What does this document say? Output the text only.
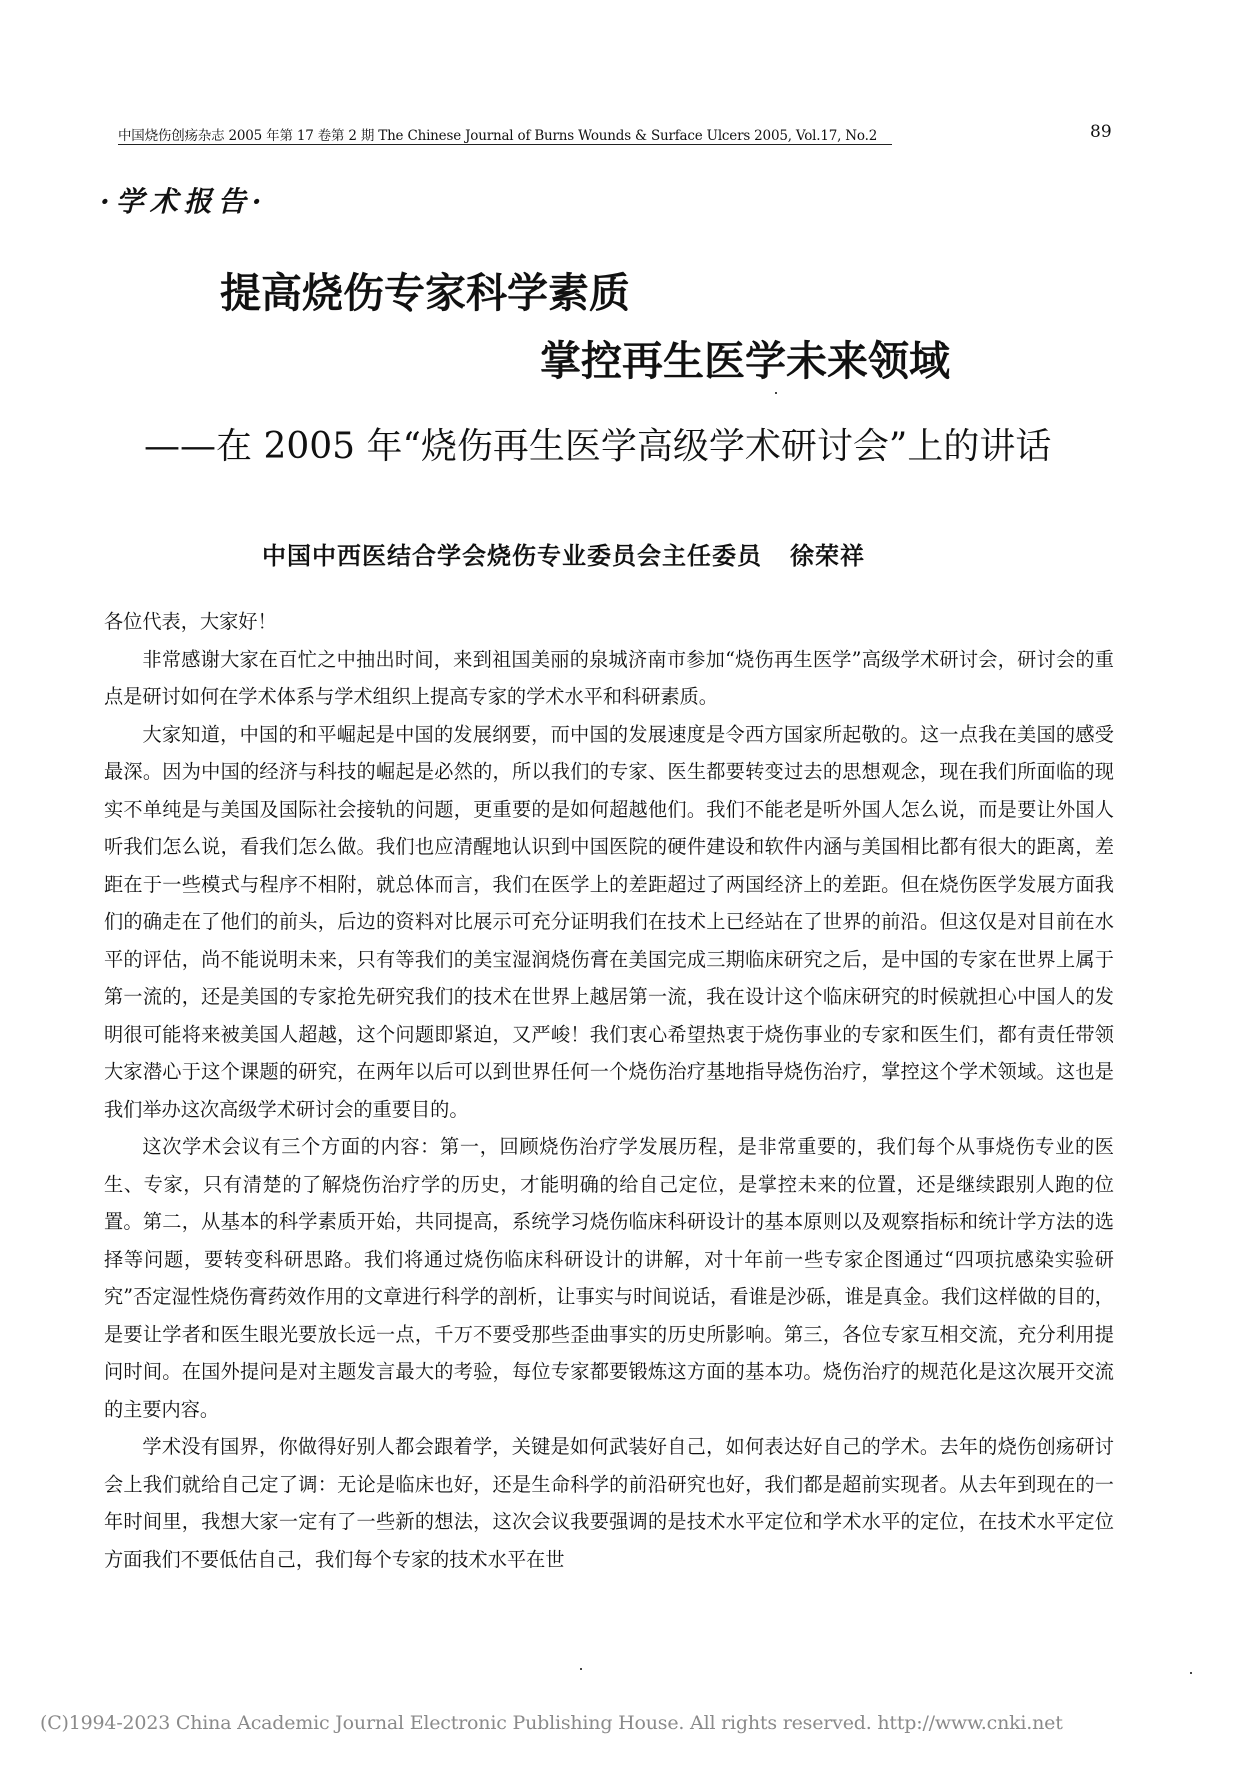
中国烧伤创疡杂志 2005 年第 17 卷第 2 期 The Chinese Journal of Burns Wounds & Surface Ulcers 2005, Vol.17, No.2	89
·学术报告·
提高烧伤专家科学素质
掌控再生医学未来领域
——在 2005 年“烧伤再生医学高级学术研讨会”上的讲话
中国中西医结合学会烧伤专业委员会主任委员 徐荣祥

各位代表，大家好！

非常感谢大家在百忙之中抽出时间，来到祖国美丽的泉城济南市参加“烧伤再生医学”高级学术研讨会，研讨会的重点是研讨如何在学术体系与学术组织上提高专家的学术水平和科研素质。

大家知道，中国的和平崛起是中国的发展纲要，而中国的发展速度是令西方国家所起敬的。这一点我在美国的感受最深。因为中国的经济与科技的崛起是必然的，所以我们的专家、医生都要转变过去的思想观念，现在我们所面临的现实不单纯是与美国及国际社会接轨的问题，更重要的是如何超越他们。我们不能老是听外国人怎么说，而是要让外国人听我们怎么说，看我们怎么做。我们也应清醒地认识到中国医院的硬件建设和软件内涵与美国相比都有很大的距离，差距在于一些模式与程序不相附，就总体而言，我们在医学上的差距超过了两国经济上的差距。但在烧伤医学发展方面我们的确走在了他们的前头，后边的资料对比展示可充分证明我们在技术上已经站在了世界的前沿。但这仅是对目前在水平的评估，尚不能说明未来，只有等我们的美宝湿润烧伤膏在美国完成三期临床研究之后，是中国的专家在世界上属于第一流的，还是美国的专家抢先研究我们的技术在世界上越居第一流，我在设计这个临床研究的时候就担心中国人的发明很可能将来被美国人超越，这个问题即紧迫，又严峻！我们衷心希望热衷于烧伤事业的专家和医生们，都有责任带领大家潜心于这个课题的研究，在两年以后可以到世界任何一个烧伤治疗基地指导烧伤治疗，掌控这个学术领域。这也是我们举办这次高级学术研讨会的重要目的。

这次学术会议有三个方面的内容：第一，回顾烧伤治疗学发展历程，是非常重要的，我们每个从事烧伤专业的医生、专家，只有清楚的了解烧伤治疗学的历史，才能明确的给自己定位，是掌控未来的位置，还是继续跟别人跑的位置。第二，从基本的科学素质开始，共同提高，系统学习烧伤临床科研设计的基本原则以及观察指标和统计学方法的选择等问题，要转变科研思路。我们将通过烧伤临床科研设计的讲解，对十年前一些专家企图通过“四项抗感染实验研究”否定湿性烧伤膏药效作用的文章进行科学的剖析，让事实与时间说话，看谁是沙砾，谁是真金。我们这样做的目的，是要让学者和医生眼光要放长远一点，千万不要受那些歪曲事实的历史所影响。第三，各位专家互相交流，充分利用提问时间。在国外提问是对主题发言最大的考验，每位专家都要锻炼这方面的基本功。烧伤治疗的规范化是这次展开交流的主要内容。

学术没有国界，你做得好别人都会跟着学，关键是如何武装好自己，如何表达好自己的学术。去年的烧伤创疡研讨会上我们就给自己定了调：无论是临床也好，还是生命科学的前沿研究也好，我们都是超前实现者。从去年到现在的一年时间里，我想大家一定有了一些新的想法，这次会议我要强调的是技术水平定位和学术水平的定位，在技术水平定位方面我们不要低估自己，我们每个专家的技术水平在世

(C)1994-2023 China Academic Journal Electronic Publishing House. All rights reserved. http://www.cnki.net
